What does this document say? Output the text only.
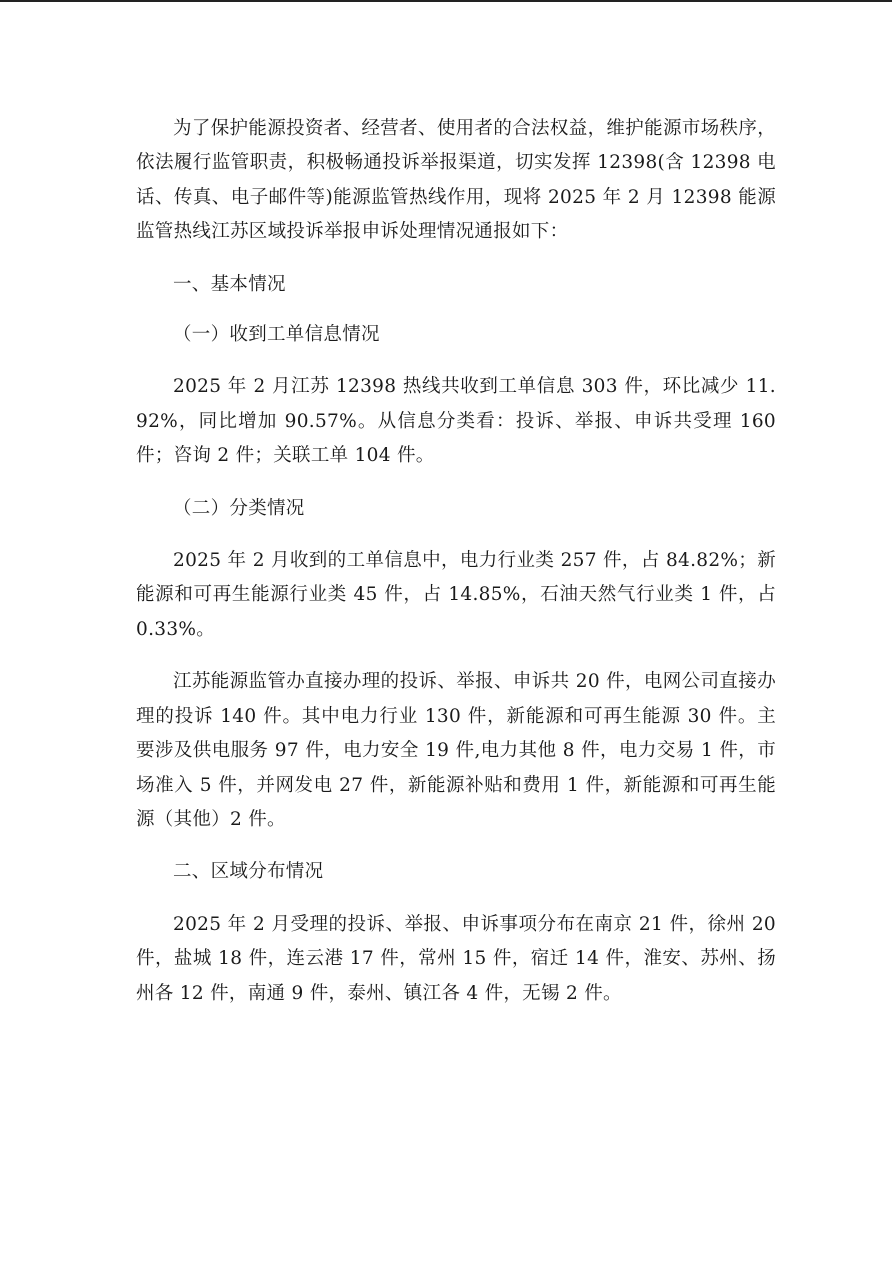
为了保护能源投资者、经营者、使用者的合法权益，维护能源市场秩序，依法履行监管职责，积极畅通投诉举报渠道，切实发挥 12398(含 12398 电话、传真、电子邮件等)能源监管热线作用，现将 2025 年 2 月 12398 能源监管热线江苏区域投诉举报申诉处理情况通报如下：

一、基本情况

（一）收到工单信息情况

2025 年 2 月江苏 12398 热线共收到工单信息 303 件，环比减少 11.92%，同比增加 90.57%。从信息分类看：投诉、举报、申诉共受理 160 件；咨询 2 件；关联工单 104 件。

（二）分类情况

2025 年 2 月收到的工单信息中，电力行业类 257 件，占 84.82%；新能源和可再生能源行业类 45 件，占 14.85%，石油天然气行业类 1 件，占 0.33%。

江苏能源监管办直接办理的投诉、举报、申诉共 20 件，电网公司直接办理的投诉 140 件。其中电力行业 130 件，新能源和可再生能源 30 件。主要涉及供电服务 97 件，电力安全 19 件,电力其他 8 件，电力交易 1 件，市场准入 5 件，并网发电 27 件，新能源补贴和费用 1 件，新能源和可再生能源（其他）2 件。

二、区域分布情况

2025 年 2 月受理的投诉、举报、申诉事项分布在南京 21 件，徐州 20 件，盐城 18 件，连云港 17 件，常州 15 件，宿迁 14 件，淮安、苏州、扬州各 12 件，南通 9 件，泰州、镇江各 4 件，无锡 2 件。
